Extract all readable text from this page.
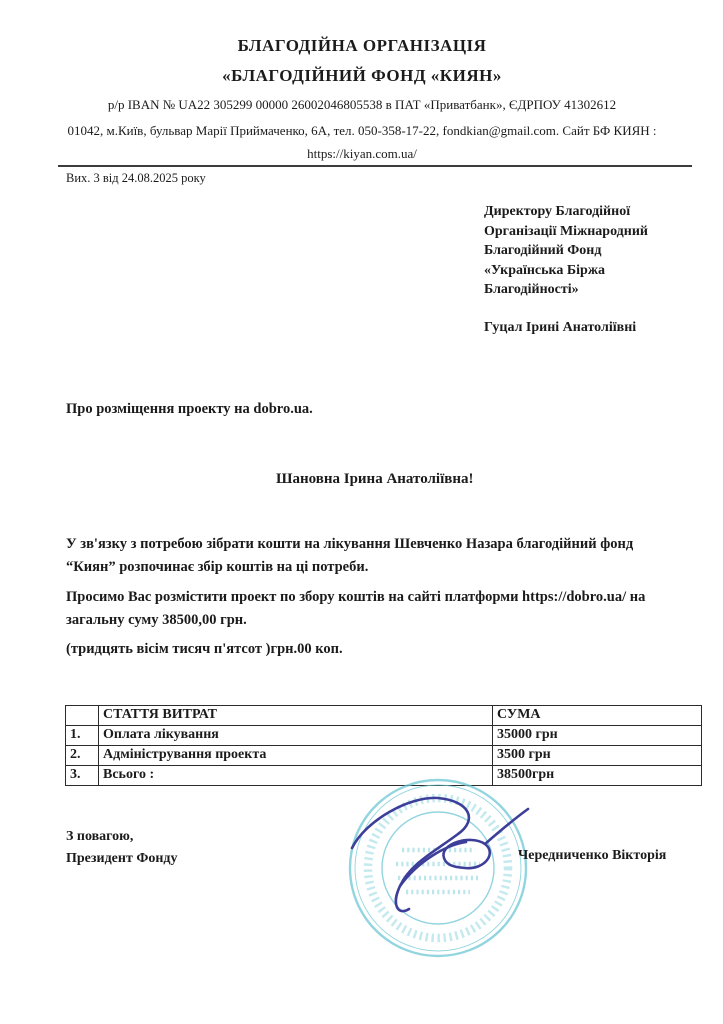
БЛАГОДІЙНА ОРГАНІЗАЦІЯ
«БЛАГОДІЙНИЙ ФОНД «КИЯН»
р/р IBAN № UA22 305299 00000 26002046805538 в ПАТ «Приватбанк», ЄДРПОУ 41302612
01042, м.Київ, бульвар Марії Приймаченко, 6А, тел. 050-358-17-22, fondkian@gmail.com. Сайт БФ КИЯН :
https://kiyan.com.ua/
Вих. 3 від 24.08.2025 року
Директору Благодійної
Організації Міжнародний
Благодійний Фонд
«Українська Біржа
Благодійності»
Гуцал Ірині Анатоліївні
Про розміщення проекту на dobro.ua.
Шановна Ірина Анатоліївна!
У зв'язку з потребою зібрати кошти на лікування Шевченко Назара благодійний фонд “Киян” розпочинає збір коштів на ці потреби.
Просимо Вас розмістити проект по збору коштів на сайті платформи https://dobro.ua/ на загальну суму 38500,00 грн.
(тридцять вісім тисяч п'ятсот )грн.00 коп.
	СТАТТЯ ВИТРАТ	СУМА
1.	Оплата лікування	35000 грн
2.	Адміністрування проекта	3500 грн
3.	Всього :	38500грн
З повагою,
Президент Фонду	Чередниченко Вікторія
